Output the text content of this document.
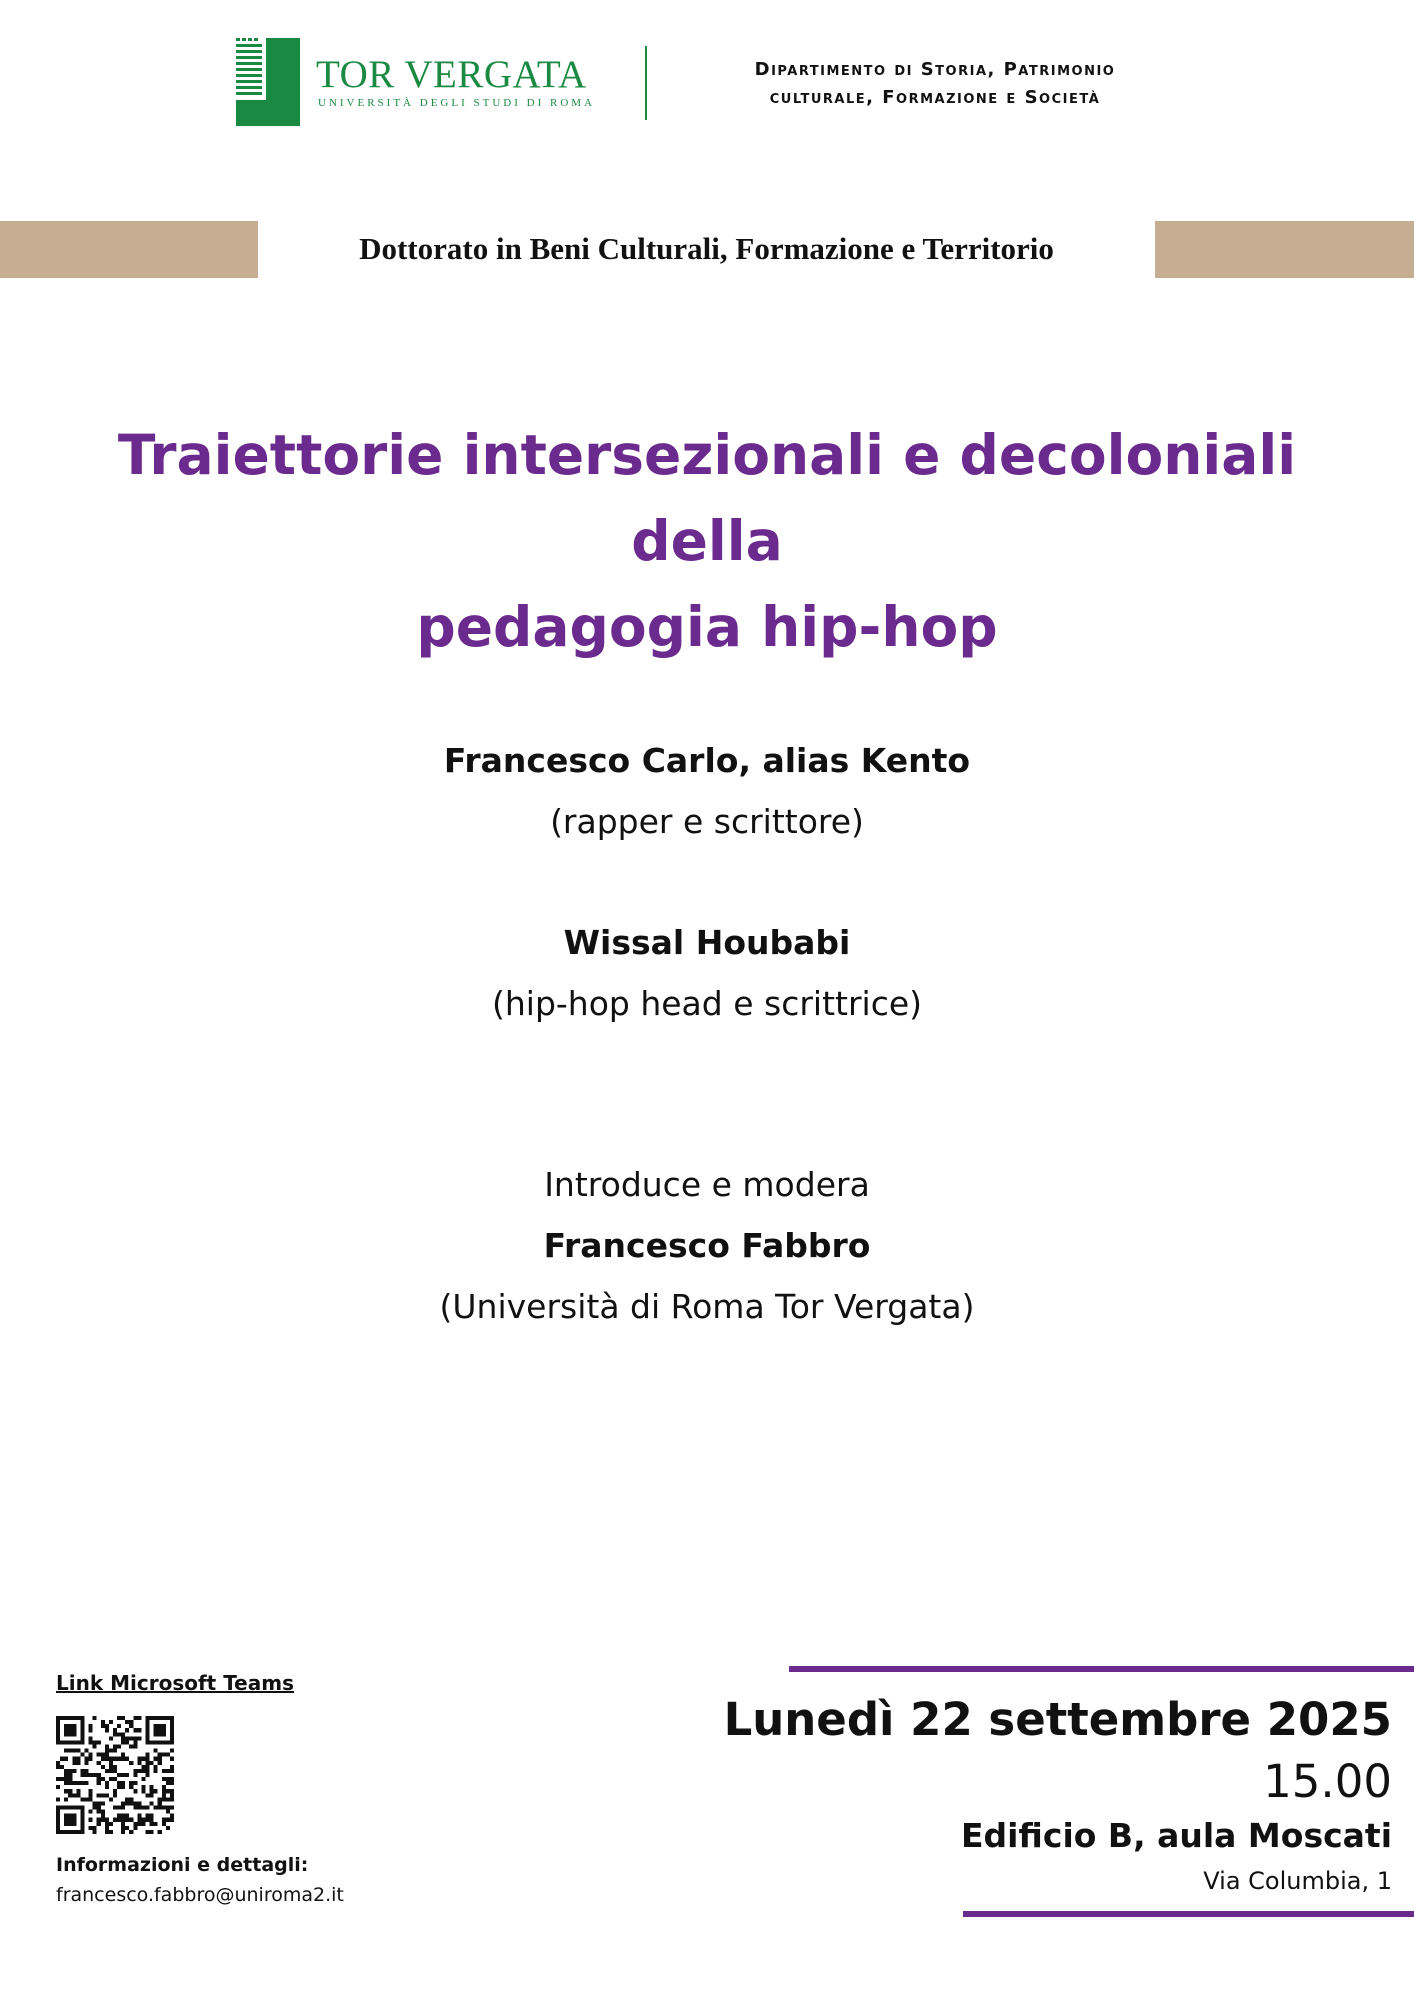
TOR VERGATA
UNIVERSITÀ DEGLI STUDI DI ROMA
Dipartimento di Storia, Patrimonio
culturale, Formazione e Società
Dottorato in Beni Culturali, Formazione e Territorio
Traiettorie intersezionali e decoloniali della
pedagogia hip-hop
Francesco Carlo, alias Kento
(rapper e scrittore)
Wissal Houbabi
(hip-hop head e scrittrice)
Introduce e modera
Francesco Fabbro
(Università di Roma Tor Vergata)
Link Microsoft Teams
Informazioni e dettagli:
francesco.fabbro@uniroma2.it
Lunedì 22 settembre 2025
15.00
Edificio B, aula Moscati
Via Columbia, 1
